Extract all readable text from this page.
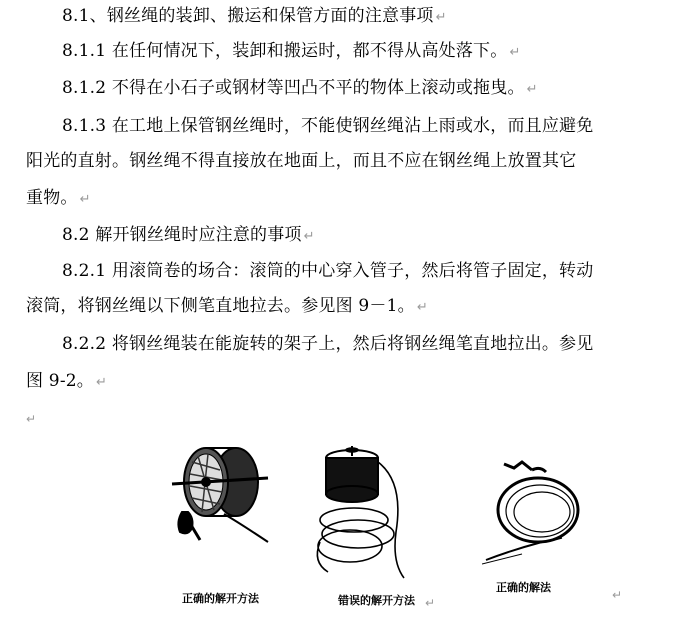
8.1、钢丝绳的装卸、搬运和保管方面的注意事项 ↵
8.1.1 在任何情况下，装卸和搬运时，都不得从高处落下。 ↵
8.1.2 不得在小石子或钢材等凹凸不平的物体上滚动或拖曳。 ↵
8.1.3 在工地上保管钢丝绳时，不能使钢丝绳沾上雨或水，而且应避免
阳光的直射。钢丝绳不得直接放在地面上，而且不应在钢丝绳上放置其它
重物。 ↵
8.2 解开钢丝绳时应注意的事项 ↵
8.2.1 用滚筒卷的场合：滚筒的中心穿入管子，然后将管子固定，转动
滚筒，将钢丝绳以下侧笔直地拉去。参见图 9－1。 ↵
8.2.2 将钢丝绳装在能旋转的架子上，然后将钢丝绳笔直地拉出。参见
图 9-2。 ↵
↵
正确的解开方法	错误的解开方法 ↵
正确的解法
↵
